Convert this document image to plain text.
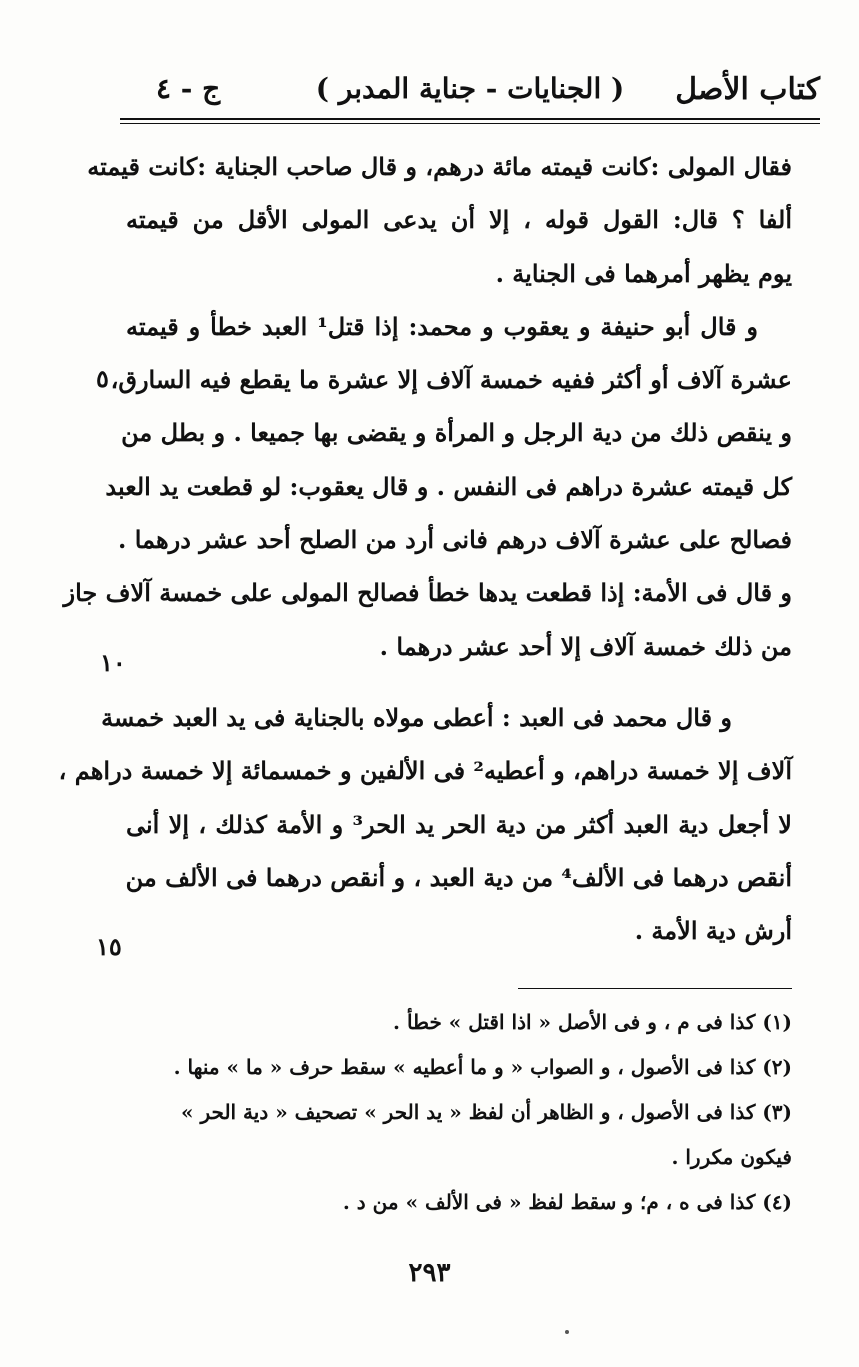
كتاب الأصل
( الجنايات - جناية المدبر )
ج - ٤

فقال المولى :كانت قيمته مائة درهم، و قال صاحب الجناية :كانت قيمته
ألفا ؟ قال: القول قوله ، إلا أن يدعى المولى الأقل من قيمته
يوم يظهر أمرهما فى الجناية .

و قال أبو حنيفة و يعقوب و محمد: إذا قتل¹ العبد خطأ و قيمته
عشرة آلاف أو أكثر ففيه خمسة آلاف إلا عشرة ما يقطع فيه السارق،
و ينقص ذلك من دية الرجل و المرأة و يقضى بها جميعا . و بطل من
كل قيمته عشرة دراهم فى النفس . و قال يعقوب: لو قطعت يد العبد
فصالح على عشرة آلاف درهم فانى أرد من الصلح أحد عشر درهما .
و قال فى الأمة: إذا قطعت يدها خطأ فصالح المولى على خمسة آلاف جاز
من ذلك خمسة آلاف إلا أحد عشر درهما .

و قال محمد فى العبد : أعطى مولاه بالجناية فى يد العبد خمسة
آلاف إلا خمسة دراهم، و أعطيه² فى الألفين و خمسمائة إلا خمسة دراهم ،
لا أجعل دية العبد أكثر من دية الحر يد الحر³ و الأمة كذلك ، إلا أنى
أنقص درهما فى الألف⁴ من دية العبد ، و أنقص درهما فى الألف من
أرش دية الأمة .

٥
١٠
١٥
(١) كذا فى م ، و فى الأصل « اذا اقتل » خطأ .
(٢) كذا فى الأصول ، و الصواب « و ما أعطيه » سقط حرف « ما » منها .
(٣) كذا فى الأصول ، و الظاهر أن لفظ « يد الحر » تصحيف « دية الحر »
فيكون مكررا .
(٤) كذا فى ه ، م؛ و سقط لفظ « فى الألف » من د .
٢٩٣
